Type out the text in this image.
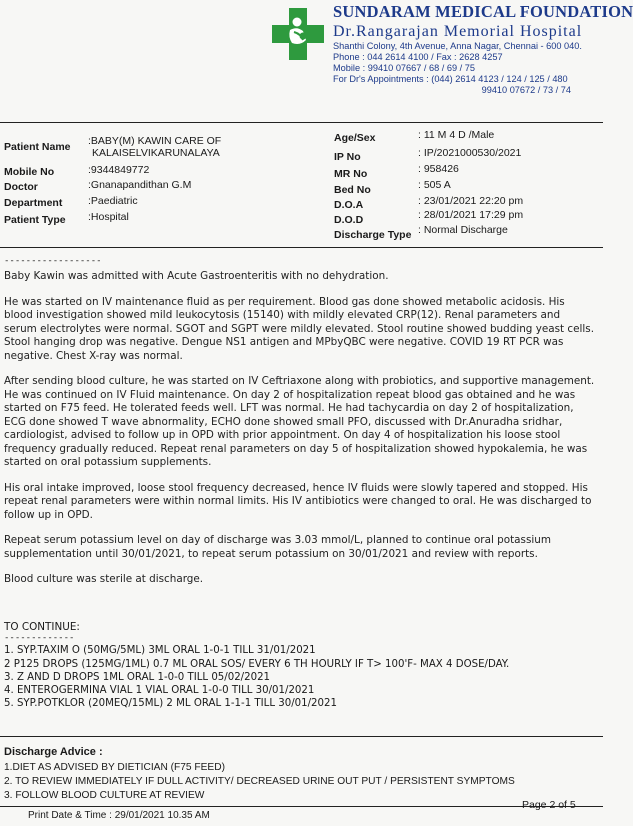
SUNDARAM MEDICAL FOUNDATION
Dr.Rangarajan Memorial Hospital
Shanthi Colony, 4th Avenue, Anna Nagar, Chennai - 600 040.
Phone : 044 2614 4100 / Fax : 2628 4257
Mobile : 99410 07667 / 68 / 69 / 75
For Dr's Appointments : (044) 2614 4123 / 124 / 125 / 480
99410 07672 / 73 / 74
Patient Name :BABY(M) KAWIN CARE OF
KALAISELVIKARUNALAYA
Mobile No	:9344849772
Doctor	:Gnanapandithan G.M
Department :Paediatric
Patient Type :Hospital
Age/Sex	: 11 M 4 D /Male
IP No	: IP/2021000530/2021
MR No	: 958426
Bed No	: 505 A
D.O.A	: 23/01/2021 22:20 pm
D.O.D	: 28/01/2021 17:29 pm
Discharge Type : Normal Discharge
------------------

Baby Kawin was admitted with Acute Gastroenteritis with no dehydration.

He was started on IV maintenance fluid as per requirement. Blood gas done showed metabolic acidosis. His blood investigation showed mild leukocytosis (15140) with mildly elevated CRP(12). Renal parameters and serum electrolytes were normal. SGOT and SGPT were mildly elevated. Stool routine showed budding yeast cells. Stool hanging drop was negative. Dengue NS1 antigen and MPbyQBC were negative. COVID 19 RT PCR was negative. Chest X-ray was normal.

After sending blood culture, he was started on IV Ceftriaxone along with probiotics, and supportive management. He was continued on IV Fluid maintenance. On day 2 of hospitalization repeat blood gas obtained and he was started on F75 feed. He tolerated feeds well. LFT was normal. He had tachycardia on day 2 of hospitalization, ECG done showed T wave abnormality, ECHO done showed small PFO, discussed with Dr.Anuradha sridhar, cardiologist, advised to follow up in OPD with prior appointment. On day 4 of hospitalization his loose stool frequency gradually reduced. Repeat renal parameters on day 5 of hospitalization showed hypokalemia, he was started on oral potassium supplements.

His oral intake improved, loose stool frequency decreased, hence IV fluids were slowly tapered and stopped. His repeat renal parameters were within normal limits. His IV antibiotics were changed to oral. He was discharged to follow up in OPD.

Repeat serum potassium level on day of discharge was 3.03 mmol/L, planned to continue oral potassium supplementation until 30/01/2021, to repeat serum potassium on 30/01/2021 and review with reports.

Blood culture was sterile at discharge.

TO CONTINUE:
-------------
1. SYP.TAXIM O (50MG/5ML) 3ML ORAL 1-0-1 TILL 31/01/2021
2 P125 DROPS (125MG/1ML) 0.7 ML ORAL SOS/ EVERY 6 TH HOURLY IF T> 100'F- MAX 4 DOSE/DAY.
3. Z AND D DROPS 1ML ORAL 1-0-0 TILL 05/02/2021
4. ENTEROGERMINA VIAL 1 VIAL ORAL 1-0-0 TILL 30/01/2021
5. SYP.POTKLOR (20MEQ/15ML) 2 ML ORAL 1-1-1 TILL 30/01/2021
Discharge Advice :
1.DIET AS ADVISED BY DIETICIAN (F75 FEED)
2. TO REVIEW IMMEDIATELY IF DULL ACTIVITY/ DECREASED URINE OUT PUT / PERSISTENT SYMPTOMS
3. FOLLOW BLOOD CULTURE AT REVIEW
Page 2 of 5
Print Date & Time : 29/01/2021 10.35 AM
